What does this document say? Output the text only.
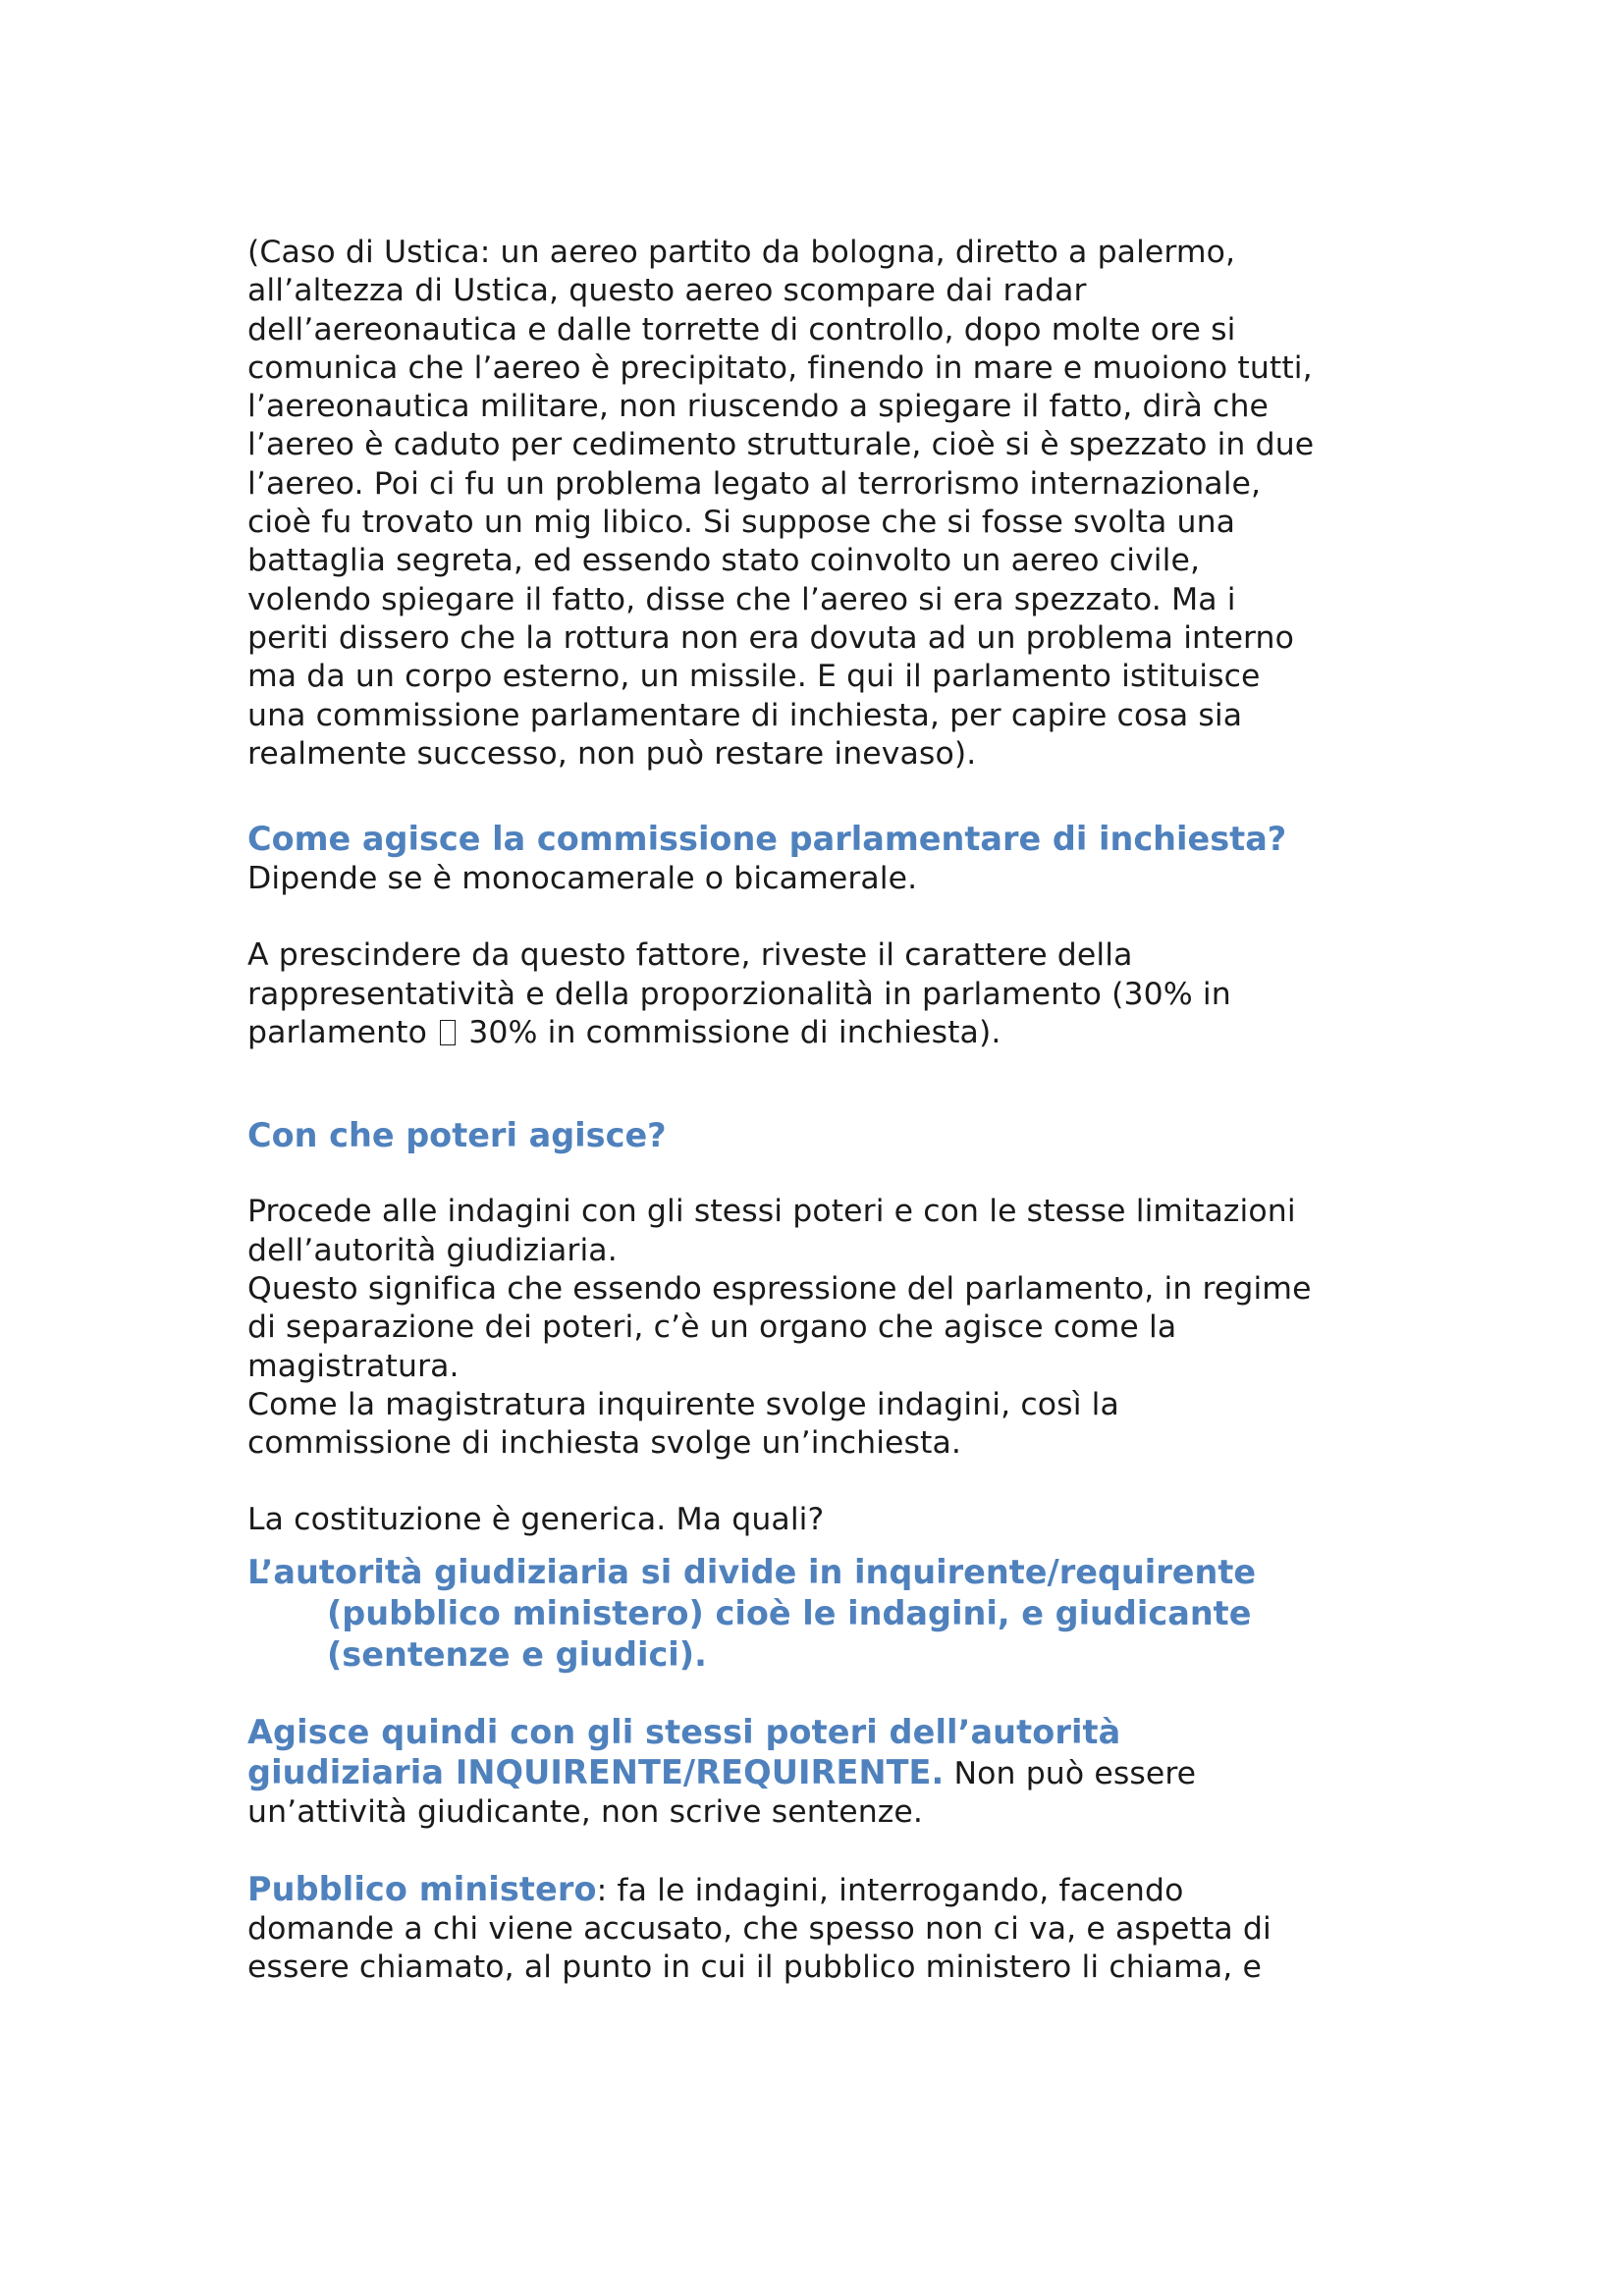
(Caso di Ustica: un aereo partito da bologna, diretto a palermo,
all’altezza di Ustica, questo aereo scompare dai radar
dell’aereonautica e dalle torrette di controllo, dopo molte ore si
comunica che l’aereo è precipitato, finendo in mare e muoiono tutti,
l’aereonautica militare, non riuscendo a spiegare il fatto, dirà che
l’aereo è caduto per cedimento strutturale, cioè si è spezzato in due
l’aereo. Poi ci fu un problema legato al terrorismo internazionale,
cioè fu trovato un mig libico. Si suppose che si fosse svolta una
battaglia segreta, ed essendo stato coinvolto un aereo civile,
volendo spiegare il fatto, disse che l’aereo si era spezzato. Ma i
periti dissero che la rottura non era dovuta ad un problema interno
ma da un corpo esterno, un missile. E qui il parlamento istituisce
una commissione parlamentare di inchiesta, per capire cosa sia
realmente successo, non può restare inevaso).

Come agisce la commissione parlamentare di inchiesta?

Dipende se è monocamerale o bicamerale.

A prescindere da questo fattore, riveste il carattere della
rappresentatività e della proporzionalità in parlamento (30% in
parlamento 30% in commissione di inchiesta).

Con che poteri agisce?

Procede alle indagini con gli stessi poteri e con le stesse limitazioni
dell’autorità giudiziaria.
Questo significa che essendo espressione del parlamento, in regime
di separazione dei poteri, c’è un organo che agisce come la
magistratura.
Come la magistratura inquirente svolge indagini, così la
commissione di inchiesta svolge un’inchiesta.

La costituzione è generica. Ma quali?

L’autorità giudiziaria si divide in inquirente/requirente
(pubblico ministero) cioè le indagini, e giudicante
(sentenze e giudici).

Agisce quindi con gli stessi poteri dell’autorità
giudiziaria INQUIRENTE/REQUIRENTE. Non può essere
un’attività giudicante, non scrive sentenze.

Pubblico ministero: fa le indagini, interrogando, facendo
domande a chi viene accusato, che spesso non ci va, e aspetta di
essere chiamato, al punto in cui il pubblico ministero li chiama, e
